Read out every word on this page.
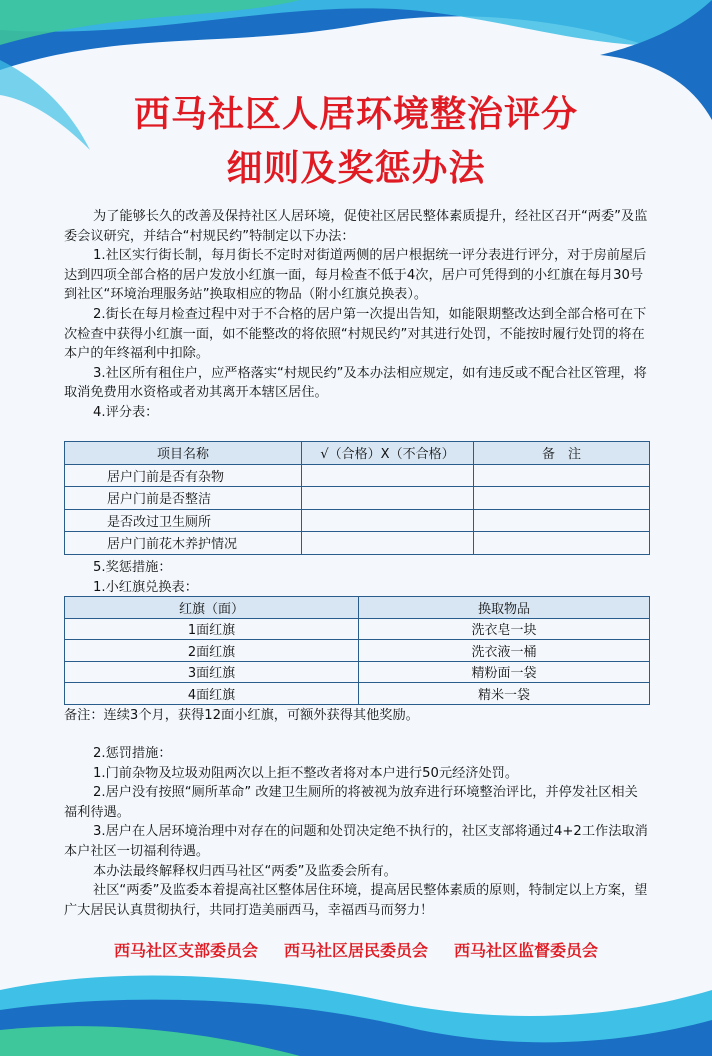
西马社区人居环境整治评分
细则及奖惩办法

为了能够长久的改善及保持社区人居环境，促使社区居民整体素质提升，经社区召开“两委”及监委会议研究，并结合“村规民约”特制定以下办法：

1.社区实行街长制，每月街长不定时对街道两侧的居户根据统一评分表进行评分，对于房前屋后达到四项全部合格的居户发放小红旗一面，每月检查不低于4次，居户可凭得到的小红旗在每月30号到社区“环境治理服务站”换取相应的物品（附小红旗兑换表）。

2.街长在每月检查过程中对于不合格的居户第一次提出告知，如能限期整改达到全部合格可在下次检查中获得小红旗一面，如不能整改的将依照“村规民约”对其进行处罚，不能按时履行处罚的将在本户的年终福利中扣除。

3.社区所有租住户，应严格落实“村规民约”及本办法相应规定，如有违反或不配合社区管理，将取消免费用水资格或者劝其离开本辖区居住。

4.评分表：

项目名称	√（合格）X（不合格）	备　注
居户门前是否有杂物		
居户门前是否整洁		
是否改过卫生厕所		
居户门前花木养护情况		

5.奖惩措施：

1.小红旗兑换表：

红旗（面）	换取物品
1面红旗	洗衣皂一块
2面红旗	洗衣液一桶
3面红旗	精粉面一袋
4面红旗	精米一袋

备注：连续3个月，获得12面小红旗，可额外获得其他奖励。

2.惩罚措施：

1.门前杂物及垃圾劝阻两次以上拒不整改者将对本户进行50元经济处罚。

2.居户没有按照“厕所革命” 改建卫生厕所的将被视为放弃进行环境整治评比，并停发社区相关福利待遇。

3.居户在人居环境治理中对存在的问题和处罚决定绝不执行的，社区支部将通过4+2工作法取消本户社区一切福利待遇。

本办法最终解释权归西马社区“两委”及监委会所有。

社区“两委”及监委本着提高社区整体居住环境，提高居民整体素质的原则，特制定以上方案，望广大居民认真贯彻执行，共同打造美丽西马，幸福西马而努力！

西马社区支部委员会 西马社区居民委员会 西马社区监督委员会
